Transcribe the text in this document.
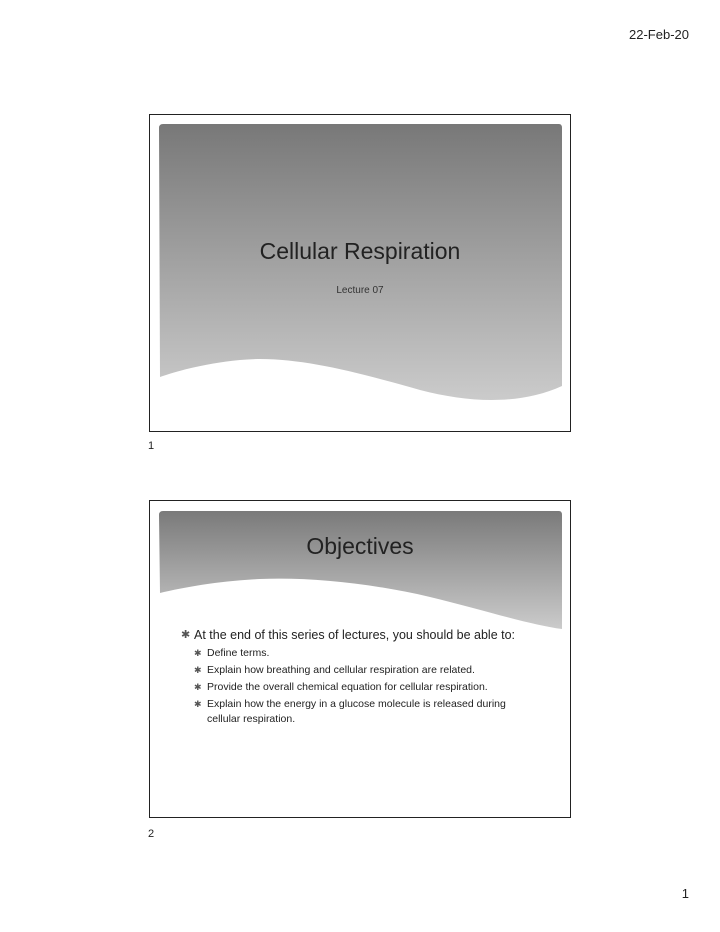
22-Feb-20
Cellular Respiration
Lecture 07
1
Objectives
✱ At the end of this series of lectures, you should be able to:
✱ Define terms.
✱ Explain how breathing and cellular respiration are related.
✱ Provide the overall chemical equation for cellular respiration.
✱ Explain how the energy in a glucose molecule is released during cellular respiration.
2
1
